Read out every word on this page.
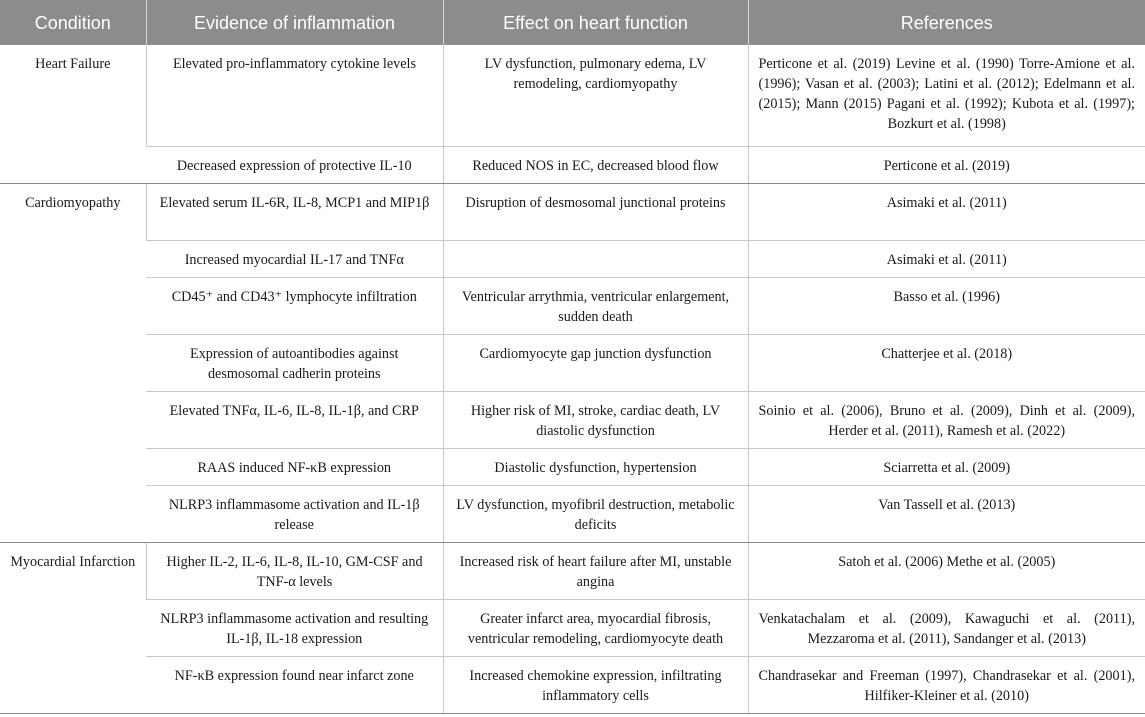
Condition	Evidence of inflammation	Effect on heart function	References
Heart Failure	Elevated pro-inflammatory cytokine levels	LV dysfunction, pulmonary edema, LV remodeling, cardiomyopathy	Perticone et al. (2019) Levine et al. (1990) Torre-Amione et al. (1996); Vasan et al. (2003); Latini et al. (2012); Edelmann et al. (2015); Mann (2015) Pagani et al. (1992); Kubota et al. (1997); Bozkurt et al. (1998)
	Decreased expression of protective IL-10	Reduced NOS in EC, decreased blood flow	Perticone et al. (2019)
Cardiomyopathy	Elevated serum IL-6R, IL-8, MCP1 and MIP1β	Disruption of desmosomal junctional proteins	Asimaki et al. (2011)
	Increased myocardial IL-17 and TNFα		Asimaki et al. (2011)
	CD45⁺ and CD43⁺ lymphocyte infiltration	Ventricular arrythmia, ventricular enlargement, sudden death	Basso et al. (1996)
	Expression of autoantibodies against desmosomal cadherin proteins	Cardiomyocyte gap junction dysfunction	Chatterjee et al. (2018)
	Elevated TNFα, IL-6, IL-8, IL-1β, and CRP	Higher risk of MI, stroke, cardiac death, LV diastolic dysfunction	Soinio et al. (2006), Bruno et al. (2009), Dinh et al. (2009), Herder et al. (2011), Ramesh et al. (2022)
	RAAS induced NF-κB expression	Diastolic dysfunction, hypertension	Sciarretta et al. (2009)
	NLRP3 inflammasome activation and IL-1β release	LV dysfunction, myofibril destruction, metabolic deficits	Van Tassell et al. (2013)
Myocardial Infarction	Higher IL-2, IL-6, IL-8, IL-10, GM-CSF and TNF-α levels	Increased risk of heart failure after MI, unstable angina	Satoh et al. (2006) Methe et al. (2005)
	NLRP3 inflammasome activation and resulting IL-1β, IL-18 expression	Greater infarct area, myocardial fibrosis, ventricular remodeling, cardiomyocyte death	Venkatachalam et al. (2009), Kawaguchi et al. (2011), Mezzaroma et al. (2011), Sandanger et al. (2013)
	NF-κB expression found near infarct zone	Increased chemokine expression, infiltrating inflammatory cells	Chandrasekar and Freeman (1997), Chandrasekar et al. (2001), Hilfiker-Kleiner et al. (2010)
